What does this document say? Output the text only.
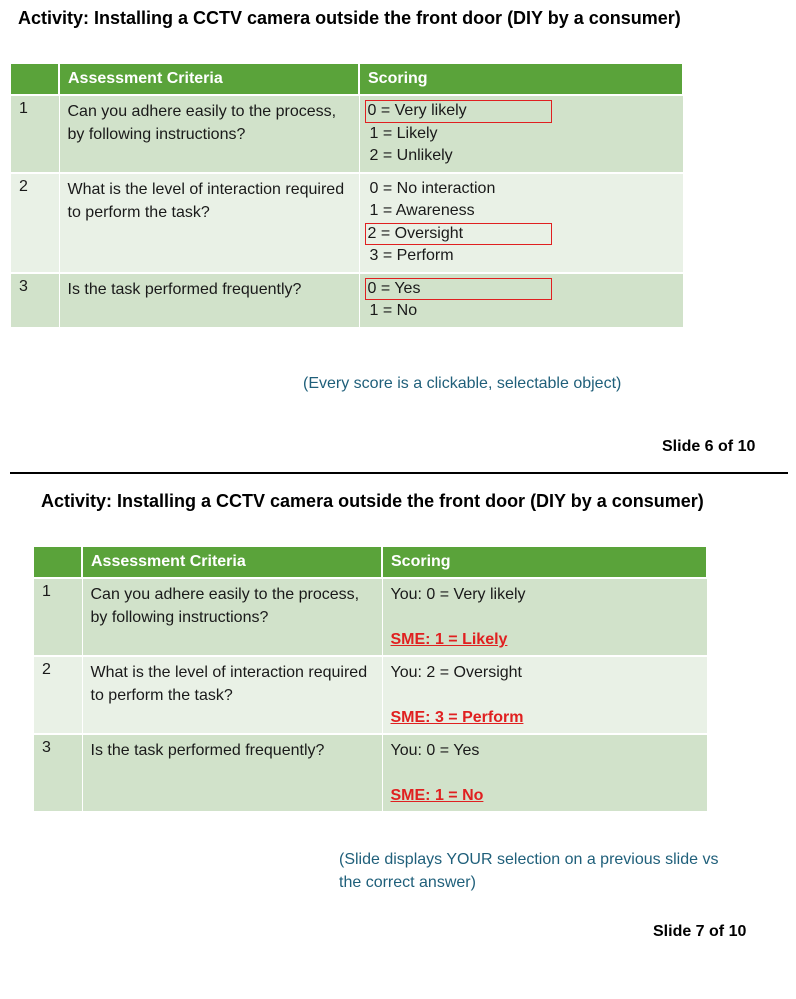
Activity: Installing a CCTV camera outside the front door (DIY by a consumer)
	Assessment Criteria	Scoring
1	Can you adhere easily to the process, by following instructions?	0 = Very likely
1 = Likely
2 = Unlikely

2	What is the level of interaction required to perform the task?	0 = No interaction
1 = Awareness
2 = Oversight
3 = Perform

3	Is the task performed frequently?	0 = Yes
1 = No
(Every score is a clickable, selectable object)
Slide 6 of 10
Activity: Installing a CCTV camera outside the front door (DIY by a consumer)
	Assessment Criteria	Scoring
1	Can you adhere easily to the process, by following instructions?	You: 0 = Very likely
SME: 1 = Likely

2	What is the level of interaction required to perform the task?	You: 2 = Oversight
SME: 3 = Perform

3	Is the task performed frequently?	You: 0 = Yes
SME: 1 = No
(Slide displays YOUR selection on a previous slide vs the correct answer)
Slide 7 of 10
